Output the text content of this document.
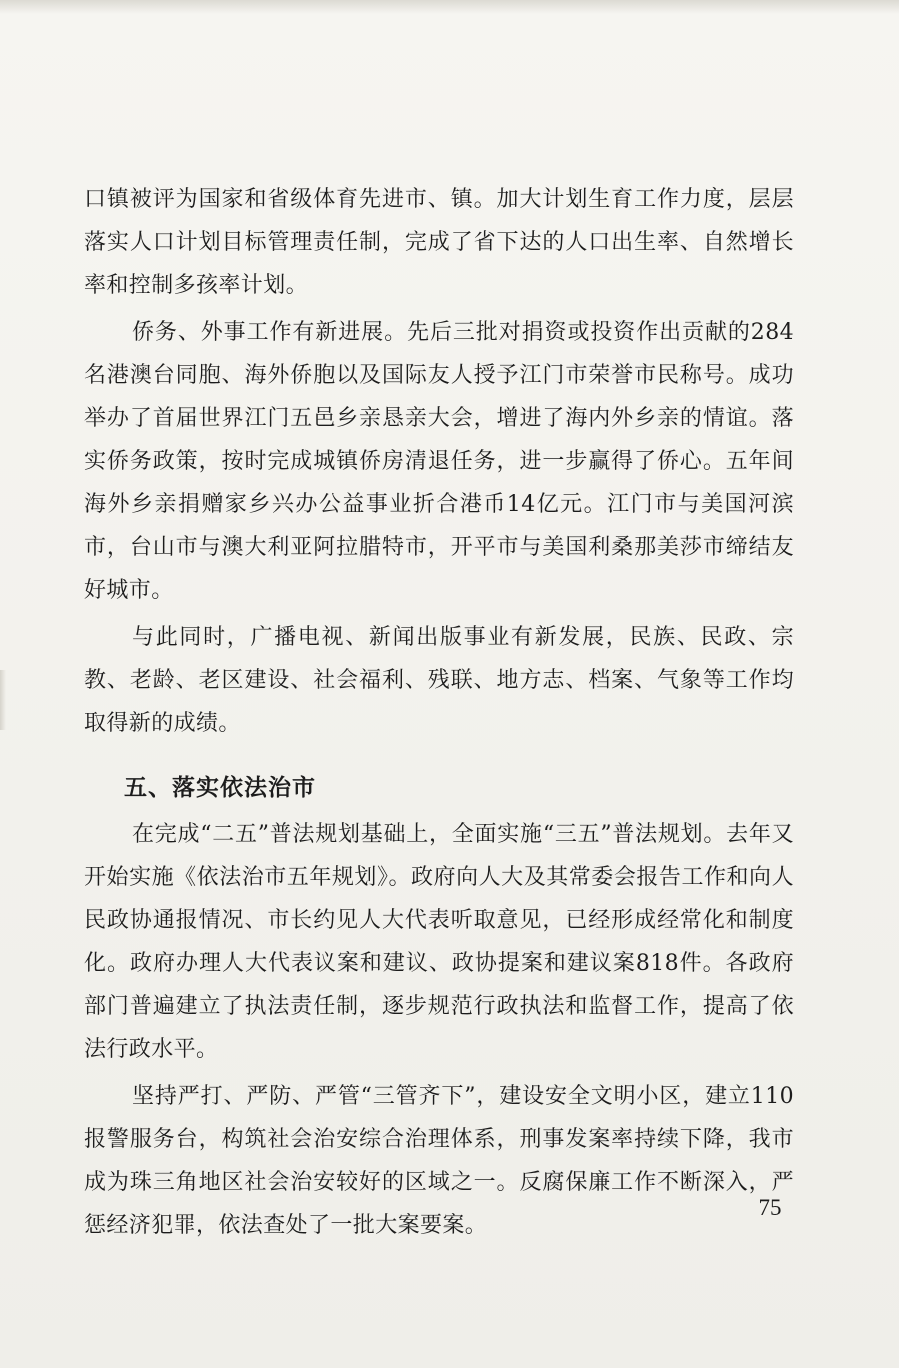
口镇被评为国家和省级体育先进市、镇。加大计划生育工作力度，层层落实人口计划目标管理责任制，完成了省下达的人口出生率、自然增长率和控制多孩率计划。

侨务、外事工作有新进展。先后三批对捐资或投资作出贡献的284名港澳台同胞、海外侨胞以及国际友人授予江门市荣誉市民称号。成功举办了首届世界江门五邑乡亲恳亲大会，增进了海内外乡亲的情谊。落实侨务政策，按时完成城镇侨房清退任务，进一步赢得了侨心。五年间海外乡亲捐赠家乡兴办公益事业折合港币14亿元。江门市与美国河滨市，台山市与澳大利亚阿拉腊特市，开平市与美国利桑那美莎市缔结友好城市。

与此同时，广播电视、新闻出版事业有新发展，民族、民政、宗教、老龄、老区建设、社会福利、残联、地方志、档案、气象等工作均取得新的成绩。

五、落实依法治市

在完成“二五”普法规划基础上，全面实施“三五”普法规划。去年又开始实施《依法治市五年规划》。政府向人大及其常委会报告工作和向人民政协通报情况、市长约见人大代表听取意见，已经形成经常化和制度化。政府办理人大代表议案和建议、政协提案和建议案818件。各政府部门普遍建立了执法责任制，逐步规范行政执法和监督工作，提高了依法行政水平。

坚持严打、严防、严管“三管齐下”，建设安全文明小区，建立110报警服务台，构筑社会治安综合治理体系，刑事发案率持续下降，我市成为珠三角地区社会治安较好的区域之一。反腐保廉工作不断深入，严惩经济犯罪，依法查处了一批大案要案。

75
